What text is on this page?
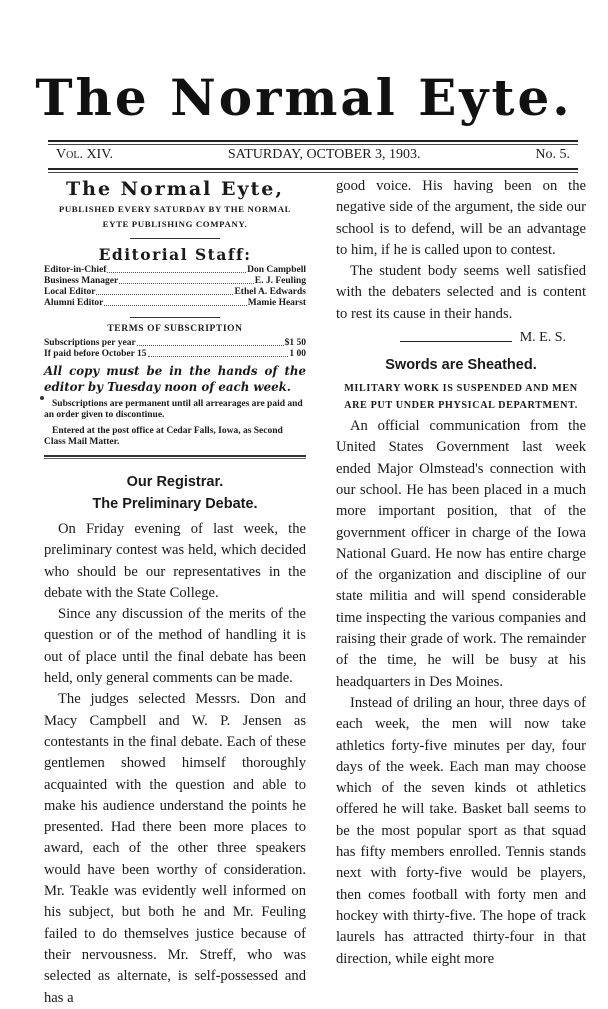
The Normal Eyte.
Vol. XIV.	SATURDAY, OCTOBER 3, 1903.	No. 5.
The Normal Eyte,
PUBLISHED EVERY SATURDAY BY THE NORMAL
EYTE PUBLISHING COMPANY.
Editorial Staff:
Editor-in-Chief	Don Campbell
Business Manager	E. J. Feuling
Local Editor	Ethel A. Edwards
Alumni Editor	Mamie Hearst
TERMS OF SUBSCRIPTION
Subscriptions per year	$1 50
If paid before October 15	1 00
All copy must be in the hands of the editor by Tuesday noon of each week.
Subscriptions are permanent until all arrearages are paid and an order given to discontinue.
Entered at the post office at Cedar Falls, Iowa, as Second Class Mail Matter.
Our Registrar.
The Preliminary Debate.

On Friday evening of last week, the preliminary contest was held, which decided who should be our representatives in the debate with the State College.

Since any discussion of the merits of the question or of the method of handling it is out of place until the final debate has been held, only general comments can be made.

The judges selected Messrs. Don and Macy Campbell and W. P. Jensen as contestants in the final debate. Each of these gentlemen showed himself thoroughly acquainted with the question and able to make his audience understand the points he presented. Had there been more places to award, each of the other three speakers would have been worthy of consideration. Mr. Teakle was evidently well informed on his subject, but both he and Mr. Feuling failed to do themselves justice because of their nervousness. Mr. Streff, who was selected as alternate, is self-possessed and has a

good voice. His having been on the negative side of the argument, the side our school is to defend, will be an advantage to him, if he is called upon to contest.

The student body seems well satisfied with the debaters selected and is content to rest its cause in their hands.

M. E. S.
Swords are Sheathed.
MILITARY WORK IS SUSPENDED AND MEN ARE PUT UNDER PHYSICAL DEPARTMENT.

An official communication from the United States Government last week ended Major Olmstead's connection with our school. He has been placed in a much more important position, that of the government officer in charge of the Iowa National Guard. He now has entire charge of the organization and discipline of our state militia and will spend considerable time inspecting the various companies and raising their grade of work. The remainder of the time, he will be busy at his headquarters in Des Moines.

Instead of driling an hour, three days of each week, the men will now take athletics forty-five minutes per day, four days of the week. Each man may choose which of the seven kinds ot athletics offered he will take. Basket ball seems to be the most popular sport as that squad has fifty members enrolled. Tennis stands next with forty-five would be players, then comes football with forty men and hockey with thirty-five. The hope of track laurels has attracted thirty-four in that direction, while eight more
